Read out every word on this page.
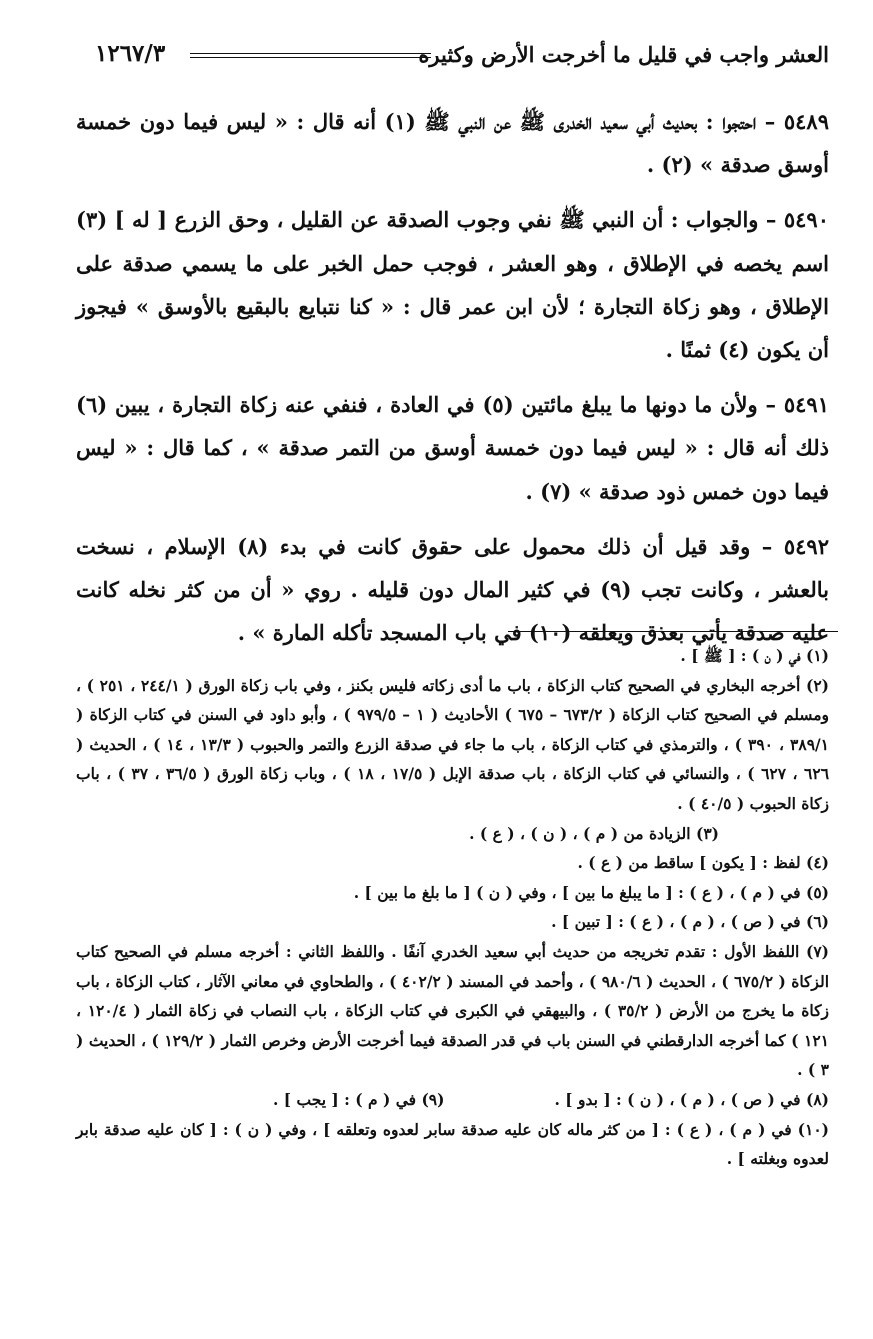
العشر واجب في قليل ما أخرجت الأرض وكثيره
١٢٦٧/٣

٥٤٨٩ – احتجوا : بحديث أبي سعيد الخدرى ﷺ عن النبي ﷺ (١) أنه قال : « ليس فيما دون خمسة أوسق صدقة » (٢) .

٥٤٩٠ – والجواب : أن النبي ﷺ نفي وجوب الصدقة عن القليل ، وحق الزرع [ له ] (٣) اسم يخصه في الإطلاق ، وهو العشر ، فوجب حمل الخبر على ما يسمي صدقة على الإطلاق ، وهو زكاة التجارة ؛ لأن ابن عمر قال : « كنا نتبايع بالبقيع بالأوسق » فيجوز أن يكون (٤) ثمنًا .

٥٤٩١ – ولأن ما دونها ما يبلغ مائتين (٥) في العادة ، فنفي عنه زكاة التجارة ، يبين (٦) ذلك أنه قال : « ليس فيما دون خمسة أوسق من التمر صدقة » ، كما قال : « ليس فيما دون خمس ذود صدقة » (٧) .

٥٤٩٢ – وقد قيل أن ذلك محمول على حقوق كانت في بدء (٨) الإسلام ، نسخت بالعشر ، وكانت تجب (٩) في كثير المال دون قليله . روي « أن من كثر نخله كانت عليه صدقة يأتي بعذق ويعلقه (١٠) في باب المسجد تأكله المارة » .

(١) في ( ن ) : [ ﷺ ] .

(٢) أخرجه البخاري في الصحيح كتاب الزكاة ، باب ما أدى زكاته فليس بكنز ، وفي باب زكاة الورق ( ٢٤٤/١ ، ٢٥١ ) ، ومسلم في الصحيح كتاب الزكاة ( ٦٧٣/٢ – ٦٧٥ ) الأحاديث ( ١ – ٩٧٩/٥ ) ، وأبو داود في السنن في كتاب الزكاة ( ٣٨٩/١ ، ٣٩٠ ) ، والترمذي في كتاب الزكاة ، باب ما جاء في صدقة الزرع والتمر والحبوب ( ١٣/٣ ، ١٤ ) ، الحديث ( ٦٢٦ ، ٦٢٧ ) ، والنسائي في كتاب الزكاة ، باب صدقة الإبل ( ١٧/٥ ، ١٨ ) ، وباب زكاة الورق ( ٣٦/٥ ، ٣٧ ) ، باب زكاة الحبوب ( ٤٠/٥ ) .

(٣) الزيادة من ( م ) ، ( ن ) ، ( ع ) .

(٤) لفظ : [ يكون ] ساقط من ( ع ) .

(٥) في ( م ) ، ( ع ) : [ ما يبلغ ما بين ] ، وفي ( ن ) [ ما بلغ ما بين ] .

(٦) في ( ص ) ، ( م ) ، ( ع ) : [ تبين ] .

(٧) اللفظ الأول : تقدم تخريجه من حديث أبي سعيد الخدري آنفًا . واللفظ الثاني : أخرجه مسلم في الصحيح كتاب الزكاة ( ٦٧٥/٢ ) ، الحديث ( ٩٨٠/٦ ) ، وأحمد في المسند ( ٤٠٢/٢ ) ، والطحاوي في معاني الآثار ، كتاب الزكاة ، باب زكاة ما يخرج من الأرض ( ٣٥/٢ ) ، والبيهقي في الكبرى في كتاب الزكاة ، باب النصاب في زكاة الثمار ( ١٢٠/٤ ، ١٢١ ) كما أخرجه الدارقطني في السنن باب في قدر الصدقة فيما أخرجت الأرض وخرص الثمار ( ١٢٩/٢ ) ، الحديث ( ٣ ) .

(٨) في ( ص ) ، ( م ) ، ( ن ) : [ بدو ] .

(٩) في ( م ) : [ يجب ] .

(١٠) في ( م ) ، ( ع ) : [ من كثر ماله كان عليه صدقة سابر لعدوه وتعلقه ] ، وفي ( ن ) : [ كان عليه صدقة بابر لعدوه وبغلته ] .
